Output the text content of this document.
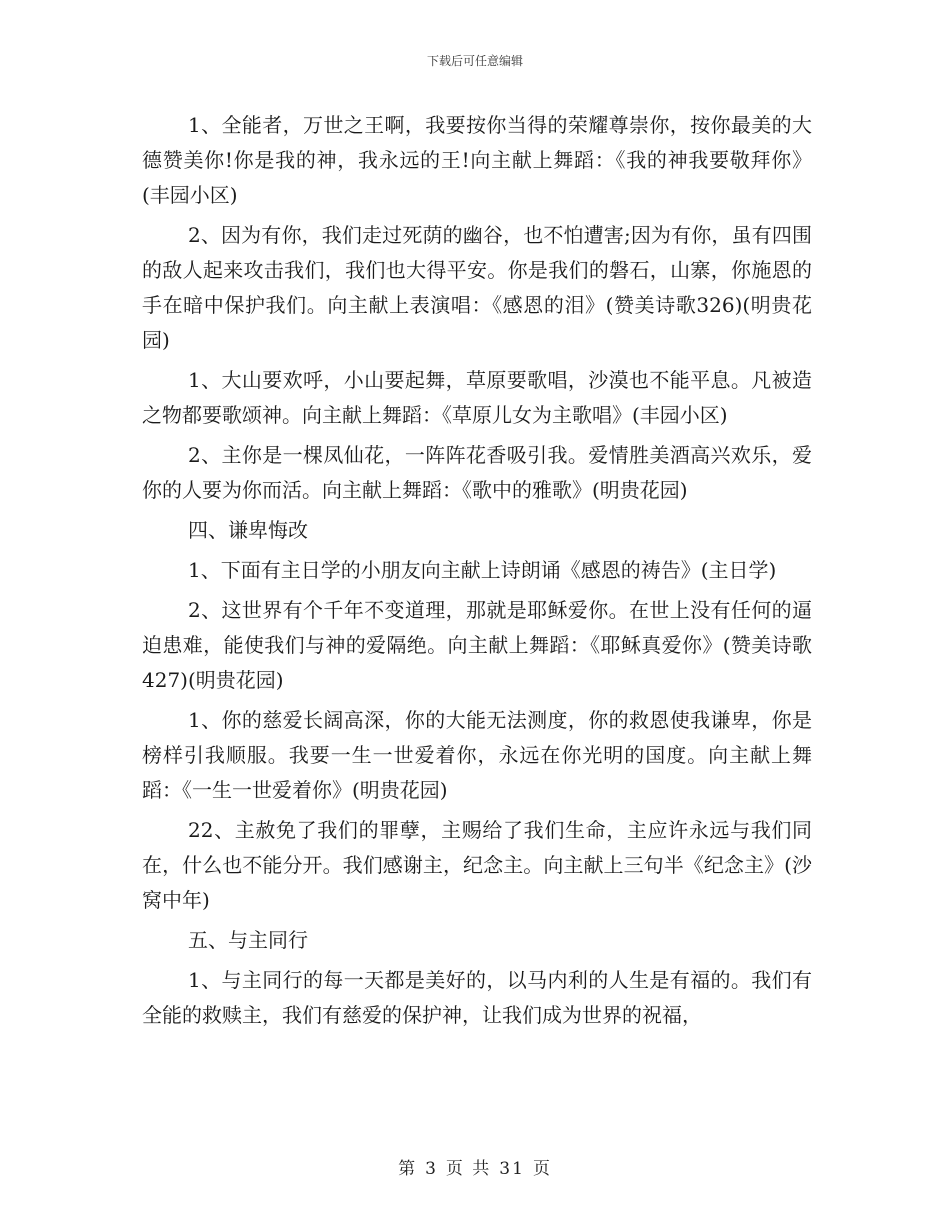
下载后可任意编辑

1、全能者，万世之王啊，我要按你当得的荣耀尊崇你，按你最美的大德赞美你!你是我的神，我永远的王!向主献上舞蹈：《我的神我要敬拜你》(丰园小区)

2、因为有你，我们走过死荫的幽谷，也不怕遭害;因为有你，虽有四围的敌人起来攻击我们，我们也大得平安。你是我们的磐石，山寨，你施恩的手在暗中保护我们。向主献上表演唱：《感恩的泪》(赞美诗歌326)(明贵花园)

1、大山要欢呼，小山要起舞，草原要歌唱，沙漠也不能平息。凡被造之物都要歌颂神。向主献上舞蹈：《草原儿女为主歌唱》(丰园小区)

2、主你是一棵凤仙花，一阵阵花香吸引我。爱情胜美酒高兴欢乐，爱你的人要为你而活。向主献上舞蹈：《歌中的雅歌》(明贵花园)

四、谦卑悔改

1、下面有主日学的小朋友向主献上诗朗诵《感恩的祷告》(主日学)

2、这世界有个千年不变道理，那就是耶稣爱你。在世上没有任何的逼迫患难，能使我们与神的爱隔绝。向主献上舞蹈：《耶稣真爱你》(赞美诗歌427)(明贵花园)

1、你的慈爱长阔高深，你的大能无法测度，你的救恩使我谦卑，你是榜样引我顺服。我要一生一世爱着你，永远在你光明的国度。向主献上舞蹈：《一生一世爱着你》(明贵花园)

22、主赦免了我们的罪孽，主赐给了我们生命，主应许永远与我们同在，什么也不能分开。我们感谢主，纪念主。向主献上三句半《纪念主》(沙窝中年)

五、与主同行

1、与主同行的每一天都是美好的，以马内利的人生是有福的。我们有全能的救赎主，我们有慈爱的保护神，让我们成为世界的祝福，

第 3 页 共 31 页
